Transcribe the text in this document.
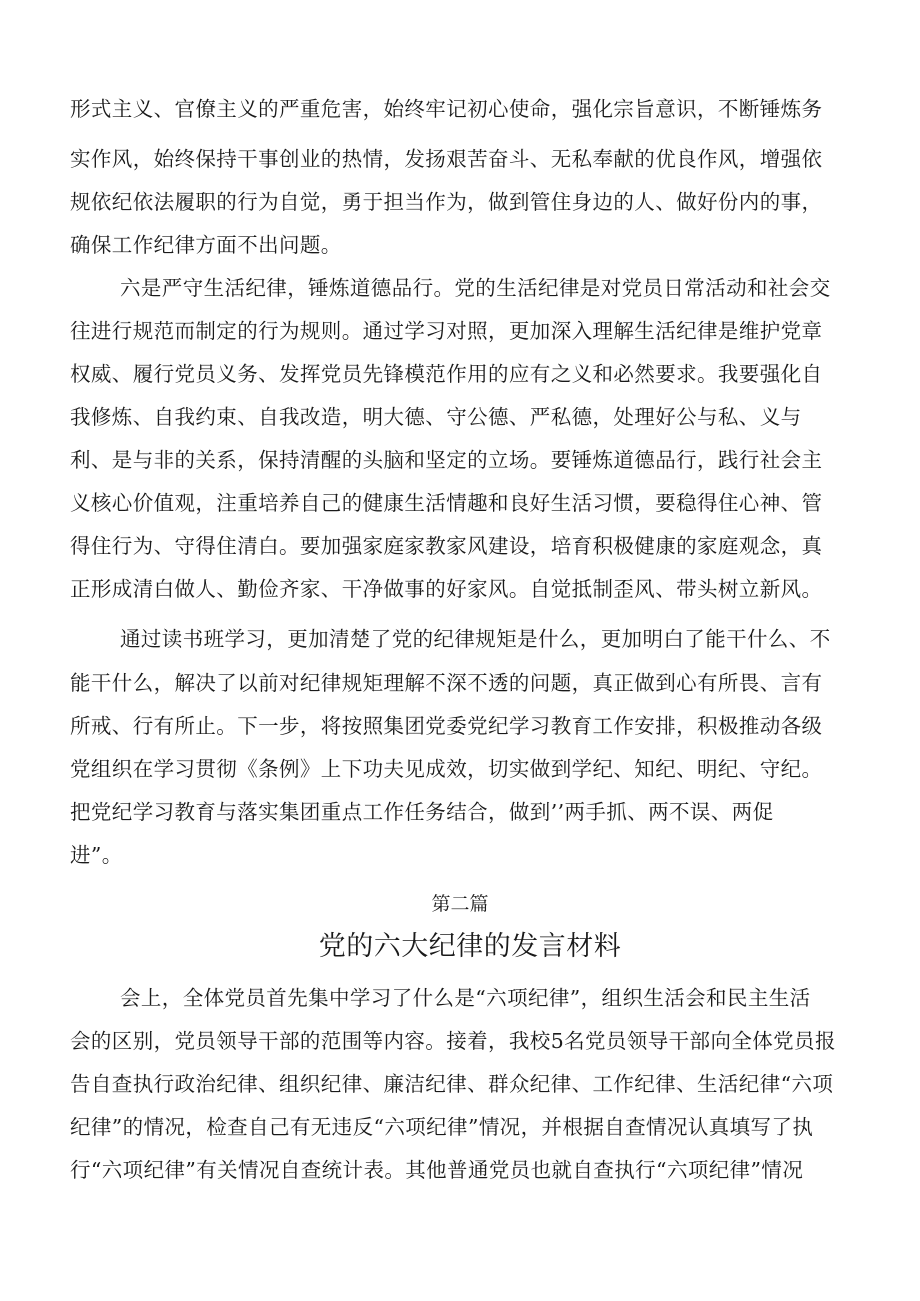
形式主义、官僚主义的严重危害，始终牢记初心使命，强化宗旨意识，不断锤炼务
实作风，始终保持干事创业的热情，发扬艰苦奋斗、无私奉献的优良作风，增强依
规依纪依法履职的行为自觉，勇于担当作为，做到管住身边的人、做好份内的事，
确保工作纪律方面不出问题。
六是严守生活纪律，锤炼道德品行。党的生活纪律是对党员日常活动和社会交
往进行规范而制定的行为规则。通过学习对照，更加深入理解生活纪律是维护党章
权威、履行党员义务、发挥党员先锋模范作用的应有之义和必然要求。我要强化自
我修炼、自我约束、自我改造，明大德、守公德、严私德，处理好公与私、义与
利、是与非的关系，保持清醒的头脑和坚定的立场。要锤炼道德品行，践行社会主
义核心价值观，注重培养自己的健康生活情趣和良好生活习惯，要稳得住心神、管
得住行为、守得住清白。要加强家庭家教家风建设，培育积极健康的家庭观念，真
正形成清白做人、勤俭齐家、干净做事的好家风。自觉抵制歪风、带头树立新风。
通过读书班学习，更加清楚了党的纪律规矩是什么，更加明白了能干什么、不
能干什么，解决了以前对纪律规矩理解不深不透的问题，真正做到心有所畏、言有
所戒、行有所止。下一步，将按照集团党委党纪学习教育工作安排，积极推动各级
党组织在学习贯彻《条例》上下功夫见成效，切实做到学纪、知纪、明纪、守纪。
把党纪学习教育与落实集团重点工作任务结合，做到’’两手抓、两不误、两促
进”。
第二篇
党的六大纪律的发言材料
会上，全体党员首先集中学习了什么是“六项纪律”，组织生活会和民主生活
会的区别，党员领导干部的范围等内容。接着，我校5名党员领导干部向全体党员报
告自查执行政治纪律、组织纪律、廉洁纪律、群众纪律、工作纪律、生活纪律“六项
纪律”的情况，检查自己有无违反“六项纪律”情况，并根据自查情况认真填写了执
行“六项纪律”有关情况自查统计表。其他普通党员也就自查执行“六项纪律”情况
